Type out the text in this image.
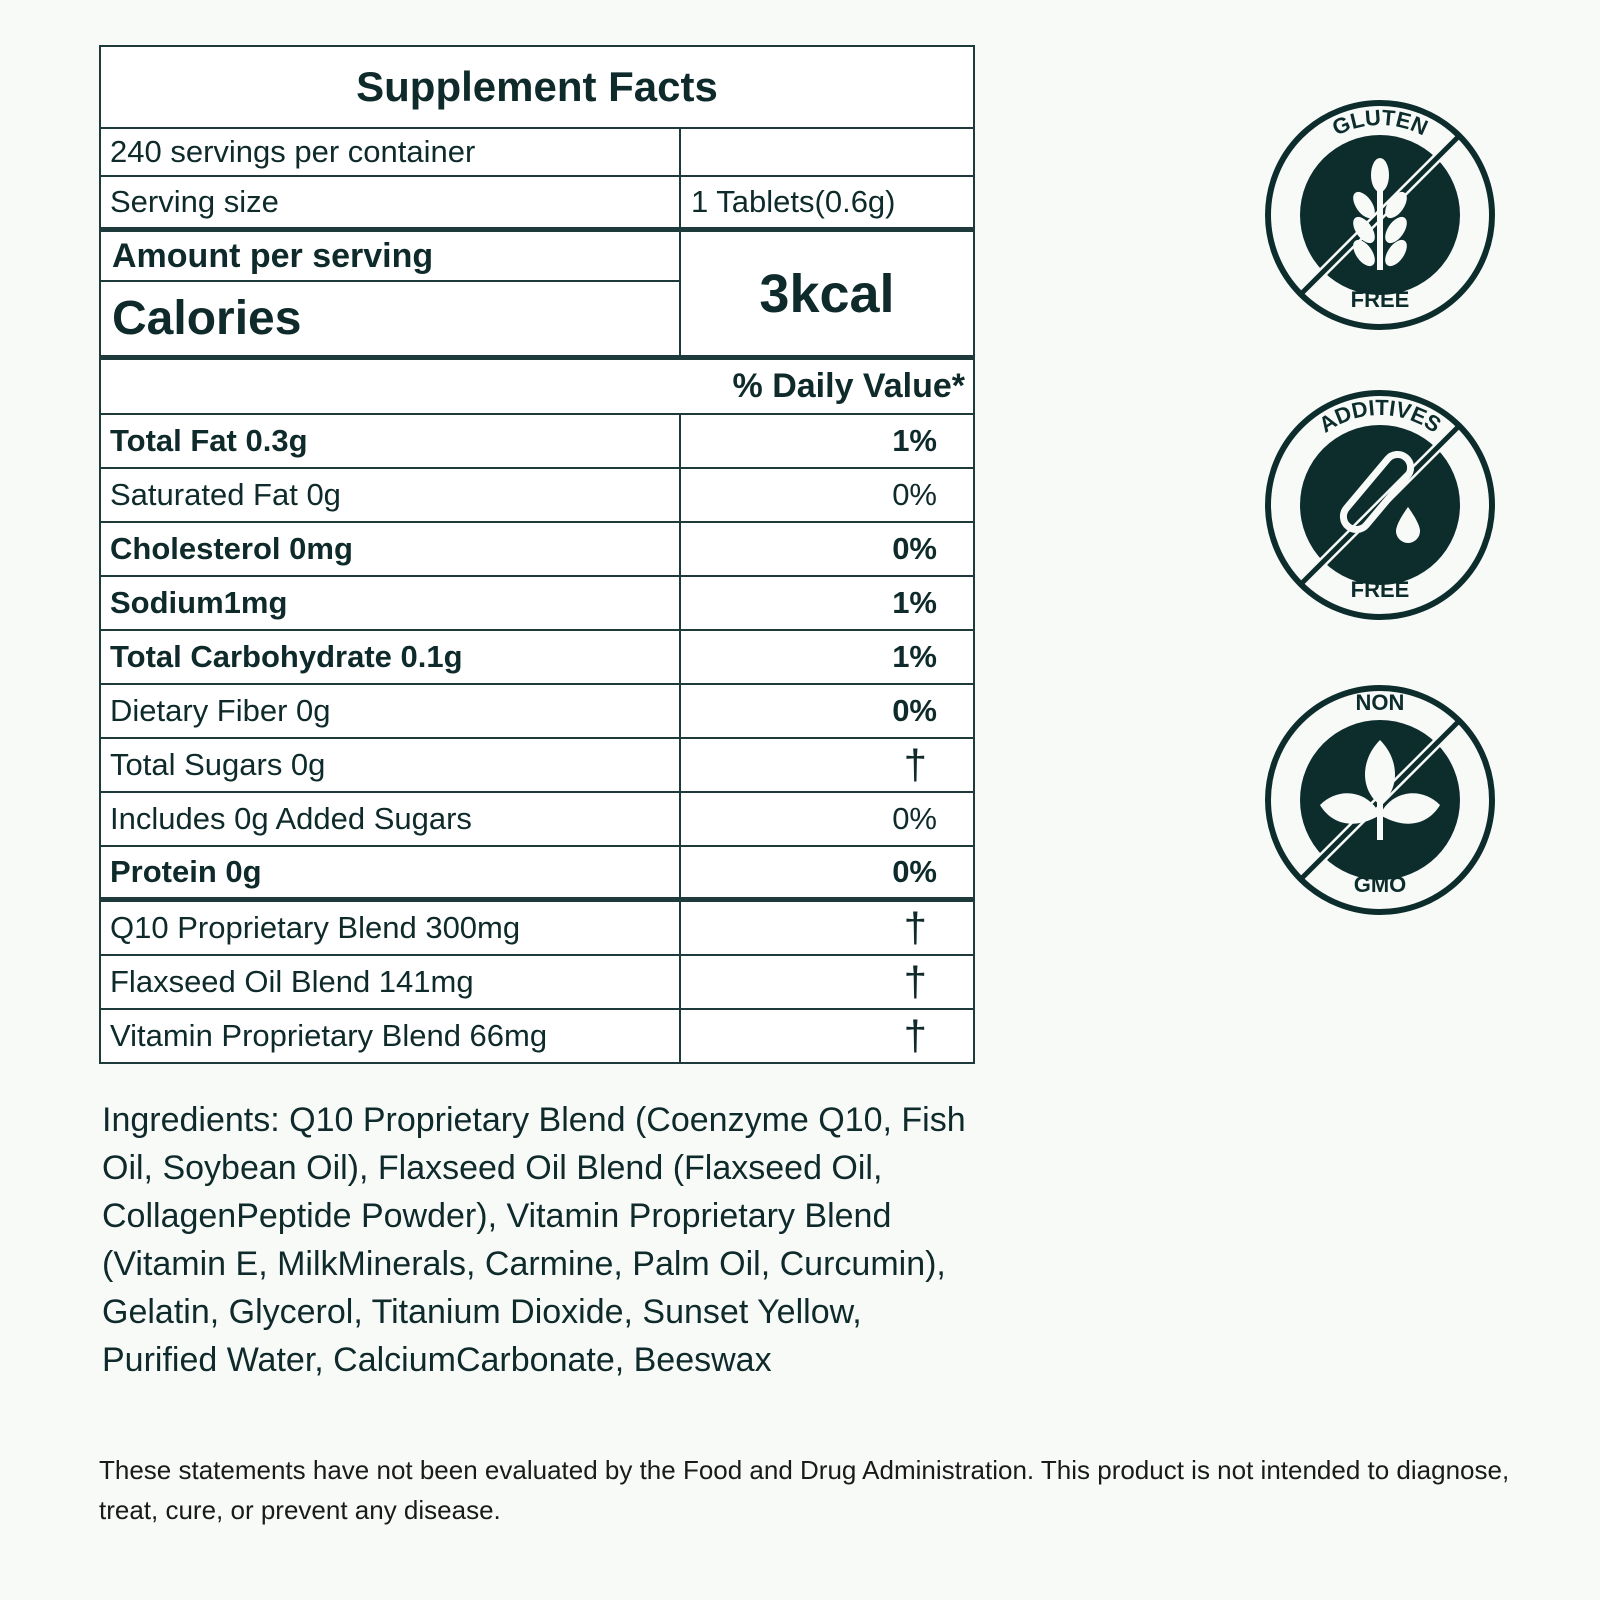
Supplement Facts
240 servings per container
Serving size	1 Tablets(0.6g)
Amount per serving
Calories	3kcal
% Daily Value*
Total Fat 0.3g	1%
Saturated Fat 0g	0%
Cholesterol 0mg	0%
Sodium1mg	1%
Total Carbohydrate 0.1g	1%
Dietary Fiber 0g	0%
Total Sugars 0g	†
Includes 0g Added Sugars	0%
Protein 0g	0%
Q10 Proprietary Blend 300mg	†
Flaxseed Oil Blend 141mg	†
Vitamin Proprietary Blend 66mg	†
Ingredients: Q10 Proprietary Blend (Coenzyme Q10, Fish Oil, Soybean Oil), Flaxseed Oil Blend (Flaxseed Oil, CollagenPeptide Powder), Vitamin Proprietary Blend (Vitamin E, MilkMinerals, Carmine, Palm Oil, Curcumin), Gelatin, Glycerol, Titanium Dioxide, Sunset Yellow, Purified Water, CalciumCarbonate, Beeswax
These statements have not been evaluated by the Food and Drug Administration. This product is not intended to diagnose, treat, cure, or prevent any disease.
GLUTEN
FREE
ADDITIVES
FREE
NON
GMO
